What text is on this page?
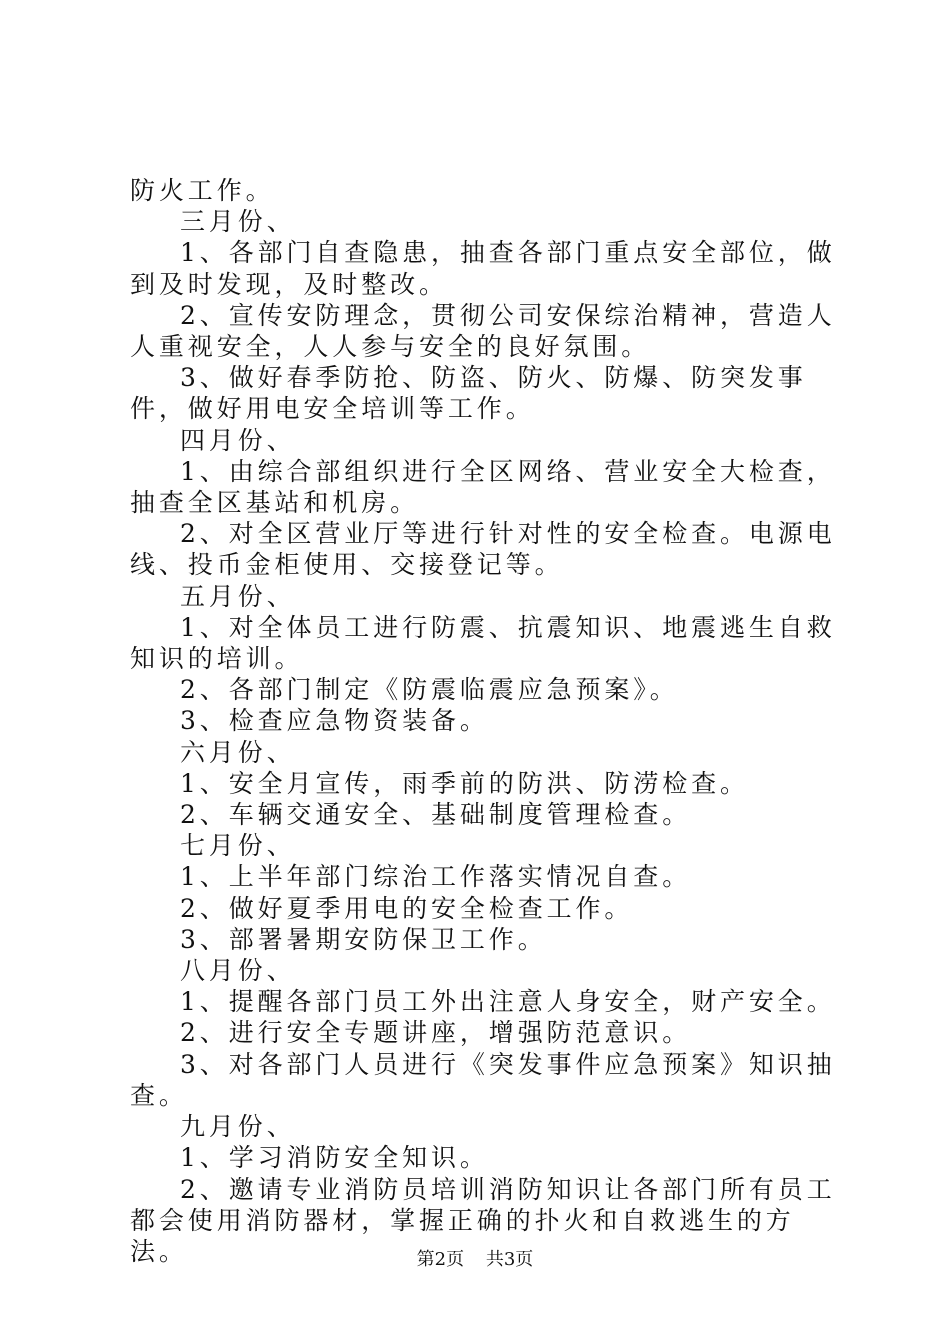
防火工作。

三月份、

1、各部门自查隐患，抽查各部门重点安全部位，做到及时发现，及时整改。

2、宣传安防理念，贯彻公司安保综治精神，营造人人重视安全，人人参与安全的良好氛围。

3、做好春季防抢、防盗、防火、防爆、防突发事件，做好用电安全培训等工作。

四月份、

1、由综合部组织进行全区网络、营业安全大检查，抽查全区基站和机房。

2、对全区营业厅等进行针对性的安全检查。电源电线、投币金柜使用、交接登记等。

五月份、

1、对全体员工进行防震、抗震知识、地震逃生自救知识的培训。

2、各部门制定《防震临震应急预案》。

3、检查应急物资装备。

六月份、

1、安全月宣传，雨季前的防洪、防涝检查。

2、车辆交通安全、基础制度管理检查。

七月份、

1、上半年部门综治工作落实情况自查。

2、做好夏季用电的安全检查工作。

3、部署暑期安防保卫工作。

八月份、

1、提醒各部门员工外出注意人身安全，财产安全。

2、进行安全专题讲座，增强防范意识。

3、对各部门人员进行《突发事件应急预案》知识抽查。

九月份、

1、学习消防安全知识。

2、邀请专业消防员培训消防知识让各部门所有员工都会使用消防器材，掌握正确的扑火和自救逃生的方法。	第2页 共3页
